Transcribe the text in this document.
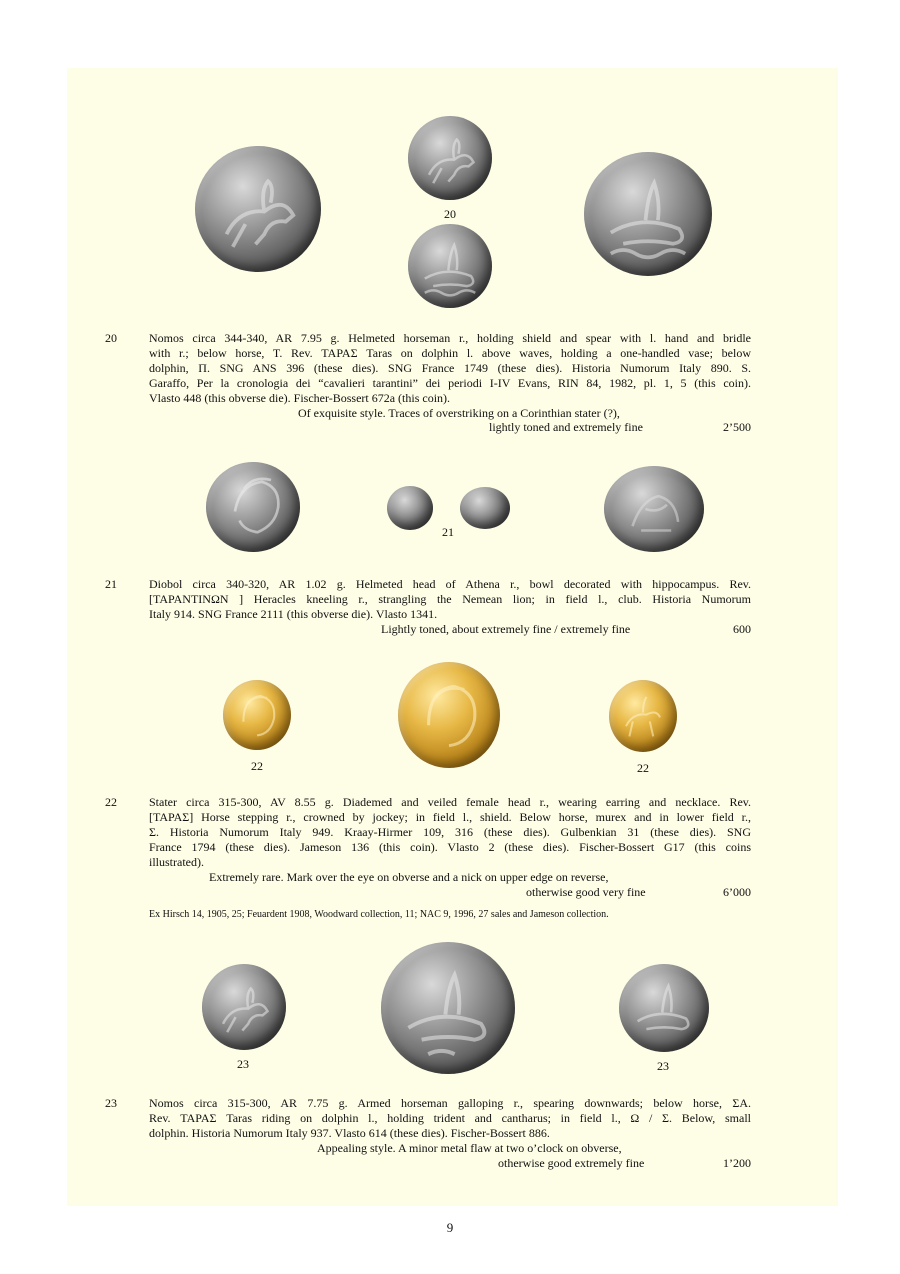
20
20	Nomos circa 344-340, AR 7.95 g. Helmeted horseman r., holding shield and spear with l. hand and bridle
with r.; below horse, T. Rev. ΤΑΡΑΣ Taras on dolphin l. above waves, holding a one-handled vase; below
dolphin, Π. SNG ANS 396 (these dies). SNG France 1749 (these dies). Historia Numorum Italy 890. S.
Garaffo, Per la cronologia dei “cavalieri tarantini” dei periodi I-IV Evans, RIN 84, 1982, pl. 1, 5 (this coin).
Vlasto 448 (this obverse die). Fischer-Bossert 672a (this coin).

Of exquisite style. Traces of overstriking on a Corinthian stater (?),
lightly toned and extremely fine	2’500
21
21	Diobol circa 340-320, AR 1.02 g. Helmeted head of Athena r., bowl decorated with hippocampus. Rev.
[ΤΑΡΑΝΤΙΝΩΝ ] Heracles kneeling r., strangling the Nemean lion; in field l., club. Historia Numorum
Italy 914. SNG France 2111 (this obverse die). Vlasto 1341.

Lightly toned, about extremely fine / extremely fine	600
22	22
22	Stater circa 315-300, AV 8.55 g. Diademed and veiled female head r., wearing earring and necklace. Rev.
[ΤΑΡΑΣ] Horse stepping r., crowned by jockey; in field l., shield. Below horse, murex and in lower field r.,
Σ. Historia Numorum Italy 949. Kraay-Hirmer 109, 316 (these dies). Gulbenkian 31 (these dies). SNG
France 1794 (these dies). Jameson 136 (this coin). Vlasto 2 (these dies). Fischer-Bossert G17 (this coins
illustrated).

Extremely rare. Mark over the eye on obverse and a nick on upper edge on reverse,
otherwise good very fine	6’000
Ex Hirsch 14, 1905, 25; Feuardent 1908, Woodward collection, 11; NAC 9, 1996, 27 sales and Jameson collection.
23	23
23	Nomos circa 315-300, AR 7.75 g. Armed horseman galloping r., spearing downwards; below horse, ΣΑ.
Rev. ΤΑΡΑΣ Taras riding on dolphin l., holding trident and cantharus; in field l., Ω / Σ. Below, small
dolphin. Historia Numorum Italy 937. Vlasto 614 (these dies). Fischer-Bossert 886.

Appealing style. A minor metal flaw at two o’clock on obverse,
otherwise good extremely fine	1’200
9
